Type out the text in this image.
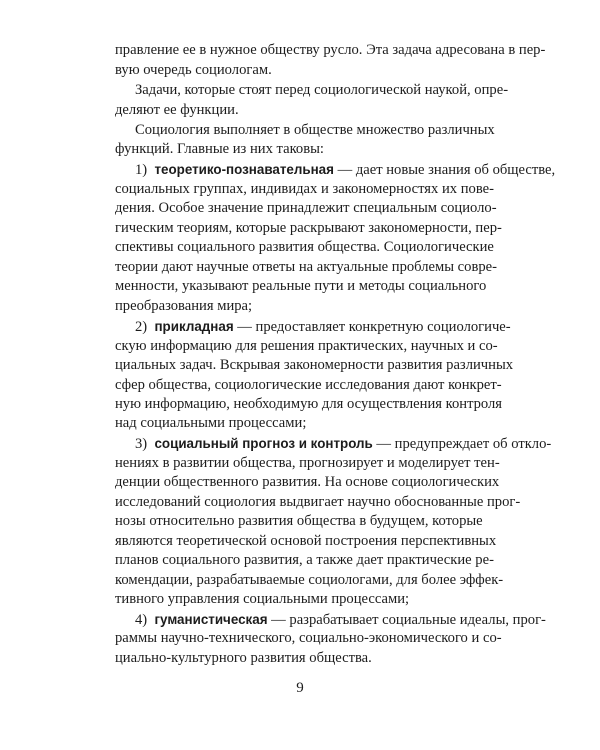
правление ее в нужное обществу русло. Эта задача адресована в пер-
вую очередь социологам.
Задачи, которые стоят перед социологической наукой, опре-
деляют ее функции.
Социология выполняет в обществе множество различных
функций. Главные из них таковы:
1) теоретико-познавательная — дает новые знания об обществе,
социальных группах, индивидах и закономерностях их пове-
дения. Особое значение принадлежит специальным социоло-
гическим теориям, которые раскрывают закономерности, пер-
спективы социального развития общества. Социологические
теории дают научные ответы на актуальные проблемы совре-
менности, указывают реальные пути и методы социального
преобразования мира;
2) прикладная — предоставляет конкретную социологиче-
скую информацию для решения практических, научных и со-
циальных задач. Вскрывая закономерности развития различных
сфер общества, социологические исследования дают конкрет-
ную информацию, необходимую для осуществления контроля
над социальными процессами;
3) социальный прогноз и контроль — предупреждает об отклo-
нениях в развитии общества, прогнозирует и моделирует тен-
денции общественного развития. На основе социологических
исследований социология выдвигает научно обоснованные прог-
нозы относительно развития общества в будущем, которые
являются теоретической основой построения перспективных
планов социального развития, а также дает практические ре-
комендации, разрабатываемые социологами, для более эффек-
тивного управления социальными процессами;
4) гуманистическая — разрабатывает социальные идеалы, прог-
раммы научно-технического, социально-экономического и со-
циально-культурного развития общества.
9
